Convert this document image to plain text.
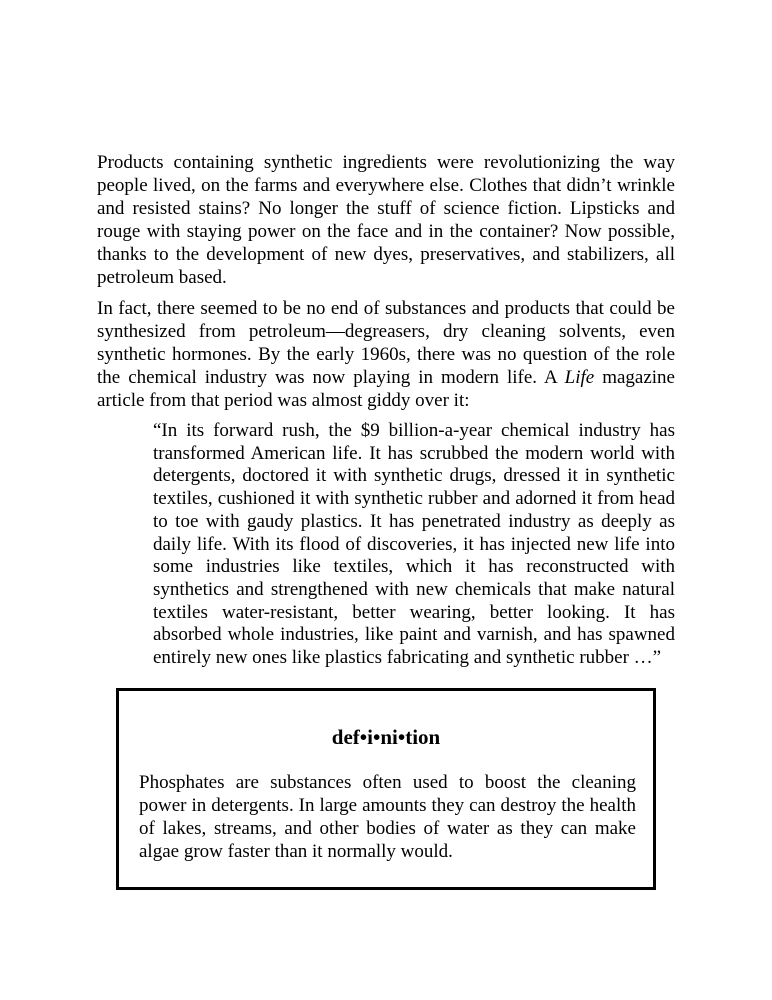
Products containing synthetic ingredients were revolutionizing the way people lived, on the farms and everywhere else. Clothes that didn’t wrinkle and resisted stains? No longer the stuff of science fiction. Lipsticks and rouge with staying power on the face and in the container? Now possible, thanks to the development of new dyes, preservatives, and stabilizers, all petroleum based.

In fact, there seemed to be no end of substances and products that could be synthesized from petroleum—degreasers, dry cleaning solvents, even synthetic hormones. By the early 1960s, there was no question of the role the chemical industry was now playing in modern life. A Life magazine article from that period was almost giddy over it:

“In its forward rush, the $9 billion-a-year chemical industry has transformed American life. It has scrubbed the modern world with detergents, doctored it with synthetic drugs, dressed it in synthetic textiles, cushioned it with synthetic rubber and adorned it from head to toe with gaudy plastics. It has penetrated industry as deeply as daily life. With its flood of discoveries, it has injected new life into some industries like textiles, which it has reconstructed with synthetics and strengthened with new chemicals that make natural textiles water-resistant, better wearing, better looking. It has absorbed whole industries, like paint and varnish, and has spawned entirely new ones like plastics fabricating and synthetic rubber …”
def•i•ni•tion

Phosphates are substances often used to boost the cleaning power in detergents. In large amounts they can destroy the health of lakes, streams, and other bodies of water as they can make algae grow faster than it normally would.
